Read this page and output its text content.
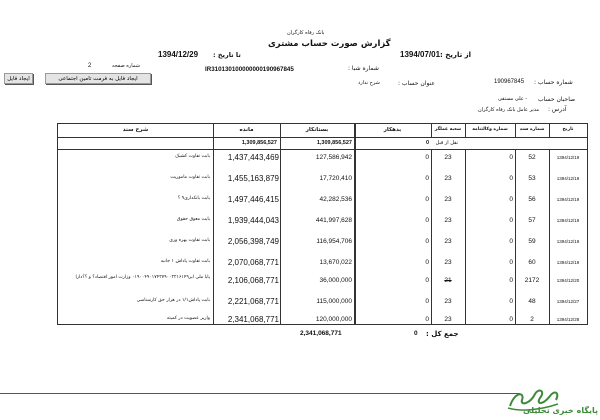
بانک رفاه کارگران
گزارش صورت حساب مشتری
از تاریخ :
1394/07/01
تا تاریخ :
1394/12/29
شماره صفحه
2	شماره شبا :
IR310130100000000190967845
شماره حساب :
190967845
عنوان حساب :
شرح ندارد
صاحبان حساب
- علی مستقی
آدرس :
مدیر عامل بانک رفاه کارگران
ایجاد فایل به فرمت تامین اجتماعی
ایجاد فایل
شرح سند	مانده	بستانکار	بدهکار	شعبه عملگر	شماره وکالتنامه	شماره سند	تاریخ
1,309,856,527	1,309,856,527	0	نقل از قبل
بابت تفاوت کشیک	1,437,443,469	127,586,942	0	23	0	52	1394/12/19
بابت تفاوت ماموریت	1,455,163,879	17,720,410	0	23	0	53	1394/12/19
بابت بانکداری۹ ؟	1,497,446,415	42,282,536	0	23	0	56	1394/12/19
بابت معوق حقوق	1,939,444,043	441,997,628	0	23	0	57	1394/12/19
بابت تفاوت بهره وری	2,056,398,749	116,954,706	0	23	0	59	1394/12/19
بابت تفاوت پاداش ۱ جانبه	2,070,068,771	13,670,022	0	23	0	60	1394/12/19
پایا ملی ایر۰۱۹۰۰۴۹۰۱۷۴۲۷۹۰۰۲۲۱۶۱۴۹ وزارت امور اقتصاد؟ و ؟؟دارا	2,106,068,771	36,000,000	0	21	0	2172	1394/12/20
بابت پاداش۱/۱ در هزار حق کارشناسی	2,221,068,771	115,000,000	0	23	0	48	1394/12/27
واریز عضویت در کمیته	2,341,068,771	120,000,000	0	23	0	2	1394/12/28
جمع کل :
0
2,341,068,771
پایگاه خبری تحلیلی
